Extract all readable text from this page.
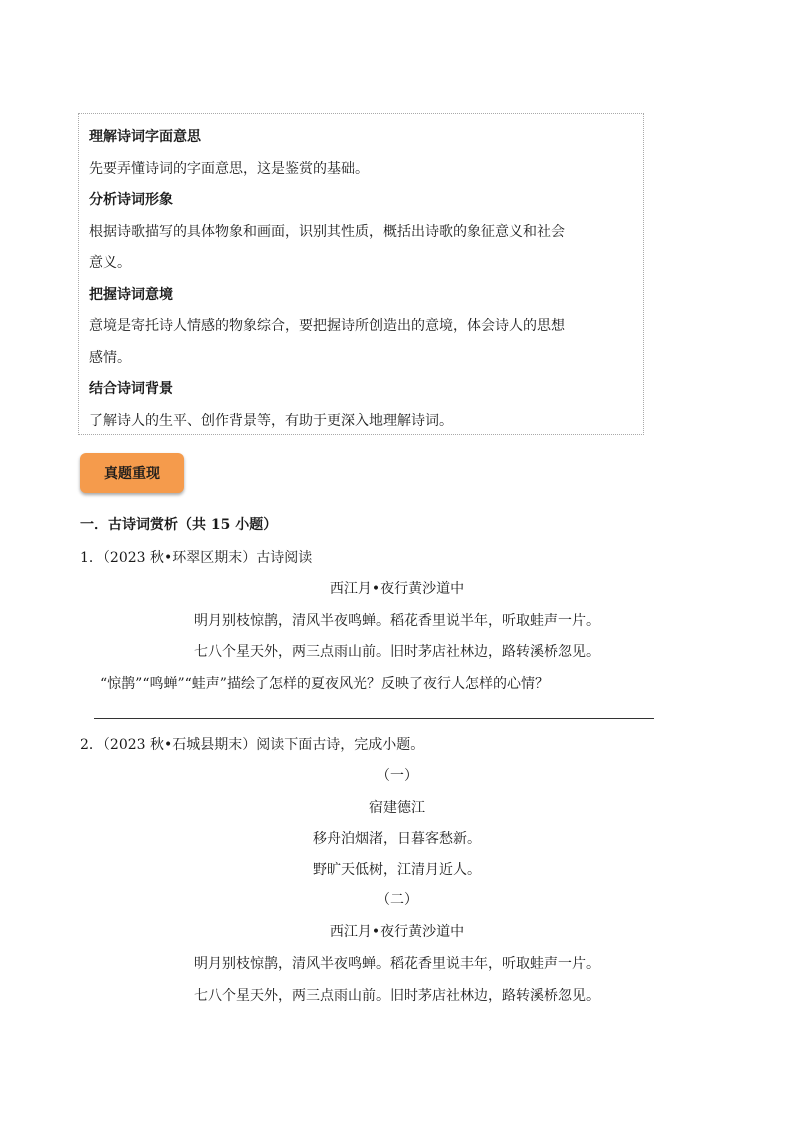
理解诗词字面意思

先要弄懂诗词的字面意思，这是鉴赏的基础。

分析诗词形象

根据诗歌描写的具体物象和画面，识别其性质，概括出诗歌的象征意义和社会

意义。

把握诗词意境

意境是寄托诗人情感的物象综合，要把握诗所创造出的意境，体会诗人的思想

感情。

结合诗词背景

了解诗人的生平、创作背景等，有助于更深入地理解诗词。

真题重现
一．古诗词赏析（共 15 小题）
1．（2023 秋•环翠区期末）古诗阅读
西江月•夜行黄沙道中
明月别枝惊鹊，清风半夜鸣蝉。稻花香里说半年，听取蛙声一片。
七八个星天外，两三点雨山前。旧时茅店社林边，路转溪桥忽见。
“惊鹊”“鸣蝉”“蛙声”描绘了怎样的夏夜风光？反映了夜行人怎样的心情？
2．（2023 秋•石城县期末）阅读下面古诗，完成小题。
（一）
宿建德江
移舟泊烟渚，日暮客愁新。
野旷天低树，江清月近人。
（二）
西江月•夜行黄沙道中
明月别枝惊鹊，清风半夜鸣蝉。稻花香里说丰年，听取蛙声一片。
七八个星天外，两三点雨山前。旧时茅店社林边，路转溪桥忽见。
